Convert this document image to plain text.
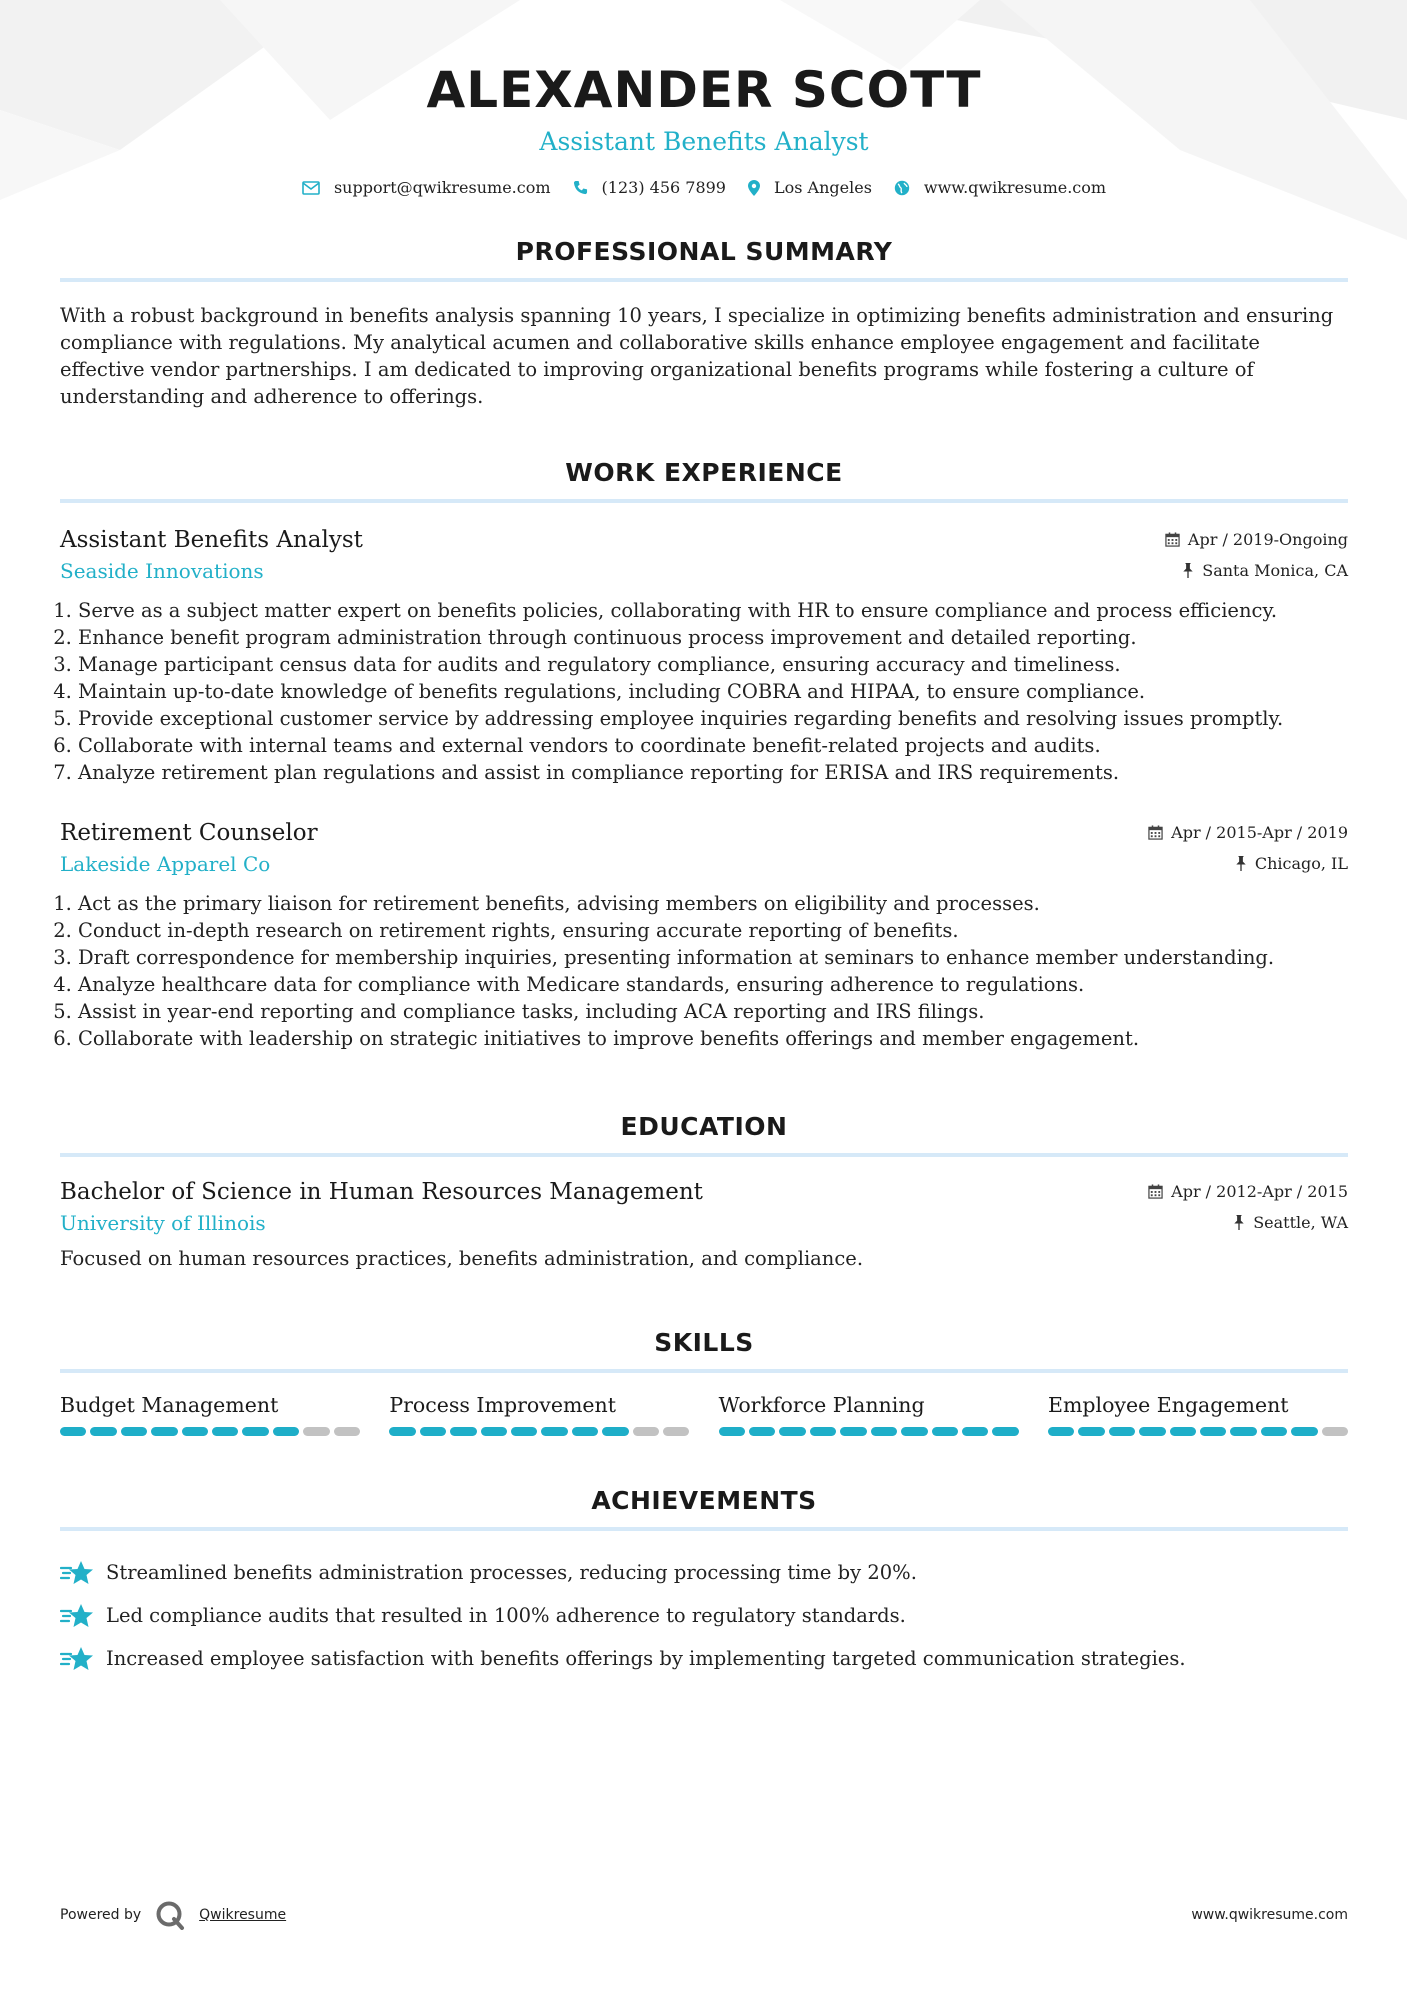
ALEXANDER SCOTT
Assistant Benefits Analyst
support@qwikresume.com	(123) 456 7899	Los Angeles	www.qwikresume.com
PROFESSIONAL SUMMARY
With a robust background in benefits analysis spanning 10 years, I specialize in optimizing benefits administration and ensuring compliance with regulations. My analytical acumen and collaborative skills enhance employee engagement and facilitate effective vendor partnerships. I am dedicated to improving organizational benefits programs while fostering a culture of understanding and adherence to offerings.
WORK EXPERIENCE
Assistant Benefits Analyst	Apr / 2019-Ongoing
Seaside Innovations	Santa Monica, CA
1. Serve as a subject matter expert on benefits policies, collaborating with HR to ensure compliance and process efficiency.
2. Enhance benefit program administration through continuous process improvement and detailed reporting.
3. Manage participant census data for audits and regulatory compliance, ensuring accuracy and timeliness.
4. Maintain up-to-date knowledge of benefits regulations, including COBRA and HIPAA, to ensure compliance.
5. Provide exceptional customer service by addressing employee inquiries regarding benefits and resolving issues promptly.
6. Collaborate with internal teams and external vendors to coordinate benefit-related projects and audits.
7. Analyze retirement plan regulations and assist in compliance reporting for ERISA and IRS requirements.
Retirement Counselor	Apr / 2015-Apr / 2019
Lakeside Apparel Co	Chicago, IL
1. Act as the primary liaison for retirement benefits, advising members on eligibility and processes.
2. Conduct in-depth research on retirement rights, ensuring accurate reporting of benefits.
3. Draft correspondence for membership inquiries, presenting information at seminars to enhance member understanding.
4. Analyze healthcare data for compliance with Medicare standards, ensuring adherence to regulations.
5. Assist in year-end reporting and compliance tasks, including ACA reporting and IRS filings.
6. Collaborate with leadership on strategic initiatives to improve benefits offerings and member engagement.
EDUCATION
Bachelor of Science in Human Resources Management	Apr / 2012-Apr / 2015
University of Illinois	Seattle, WA
Focused on human resources practices, benefits administration, and compliance.
SKILLS
Budget Management	Process Improvement	Workforce Planning	Employee Engagement
ACHIEVEMENTS
Streamlined benefits administration processes, reducing processing time by 20%.
Led compliance audits that resulted in 100% adherence to regulatory standards.
Increased employee satisfaction with benefits offerings by implementing targeted communication strategies.
Powered by	Qwikresume	www.qwikresume.com
